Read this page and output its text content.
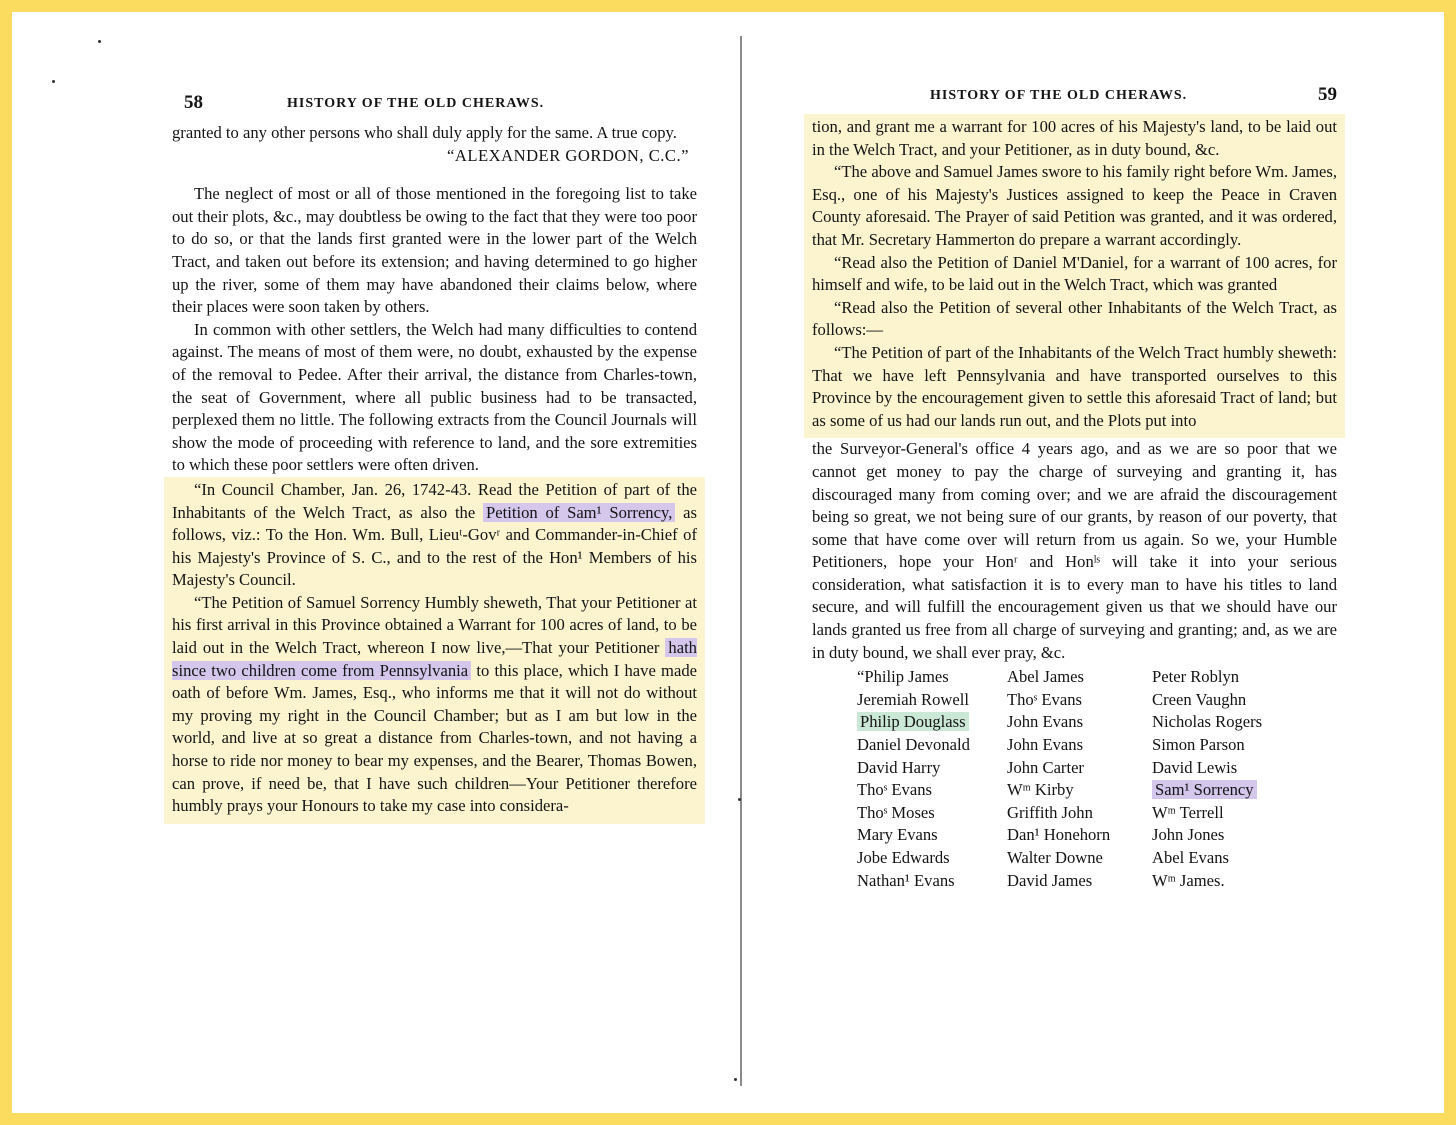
58	HISTORY OF THE OLD CHERAWS.

granted to any other persons who shall duly apply for the same. A true copy.

“ALEXANDER GORDON, C.C.”

The neglect of most or all of those mentioned in the foregoing list to take out their plots, &c., may doubtless be owing to the fact that they were too poor to do so, or that the lands first granted were in the lower part of the Welch Tract, and taken out before its extension; and having determined to go higher up the river, some of them may have abandoned their claims below, where their places were soon taken by others.

In common with other settlers, the Welch had many difficulties to contend against. The means of most of them were, no doubt, exhausted by the expense of the removal to Pedee. After their arrival, the distance from Charles-town, the seat of Government, where all public business had to be transacted, perplexed them no little. The following extracts from the Council Journals will show the mode of proceeding with reference to land, and the sore extremities to which these poor settlers were often driven.

“In Council Chamber, Jan. 26, 1742-43. Read the Petition of part of the Inhabitants of the Welch Tract, as also the Petition of Sam¹ Sorrency, as follows, viz.: To the Hon. Wm. Bull, Lieuᵗ-Govʳ and Commander-in-Chief of his Majesty's Province of S. C., and to the rest of the Hon¹ Members of his Majesty's Council.

“The Petition of Samuel Sorrency Humbly sheweth, That your Petitioner at his first arrival in this Province obtained a Warrant for 100 acres of land, to be laid out in the Welch Tract, whereon I now live,—That your Petitioner hath since two children come from Pennsylvania to this place, which I have made oath of before Wm. James, Esq., who informs me that it will not do without my proving my right in the Council Chamber; but as I am but low in the world, and live at so great a distance from Charles-town, and not having a horse to ride nor money to bear my expenses, and the Bearer, Thomas Bowen, can prove, if need be, that I have such children—Your Petitioner therefore humbly prays your Honours to take my case into considera-

HISTORY OF THE OLD CHERAWS.	59

tion, and grant me a warrant for 100 acres of his Majesty's land, to be laid out in the Welch Tract, and your Petitioner, as in duty bound, &c.

“The above and Samuel James swore to his family right before Wm. James, Esq., one of his Majesty's Justices assigned to keep the Peace in Craven County aforesaid. The Prayer of said Petition was granted, and it was ordered, that Mr. Secretary Hammerton do prepare a warrant accordingly.

“Read also the Petition of Daniel M'Daniel, for a warrant of 100 acres, for himself and wife, to be laid out in the Welch Tract, which was granted

“Read also the Petition of several other Inhabitants of the Welch Tract, as follows:—

“The Petition of part of the Inhabitants of the Welch Tract humbly sheweth: That we have left Pennsylvania and have transported ourselves to this Province by the encouragement given to settle this aforesaid Tract of land; but as some of us had our lands run out, and the Plots put into

the Surveyor-General's office 4 years ago, and as we are so poor that we cannot get money to pay the charge of surveying and granting it, has discouraged many from coming over; and we are afraid the discouragement being so great, we not being sure of our grants, by reason of our poverty, that some that have come over will return from us again. So we, your Humble Petitioners, hope your Honʳ and Honˡˢ will take it into your serious consideration, what satisfaction it is to every man to have his titles to land secure, and will fulfill the encouragement given us that we should have our lands granted us free from all charge of surveying and granting; and, as we are in duty bound, we shall ever pray, &c.

“Philip James	Abel James	Peter Roblyn
Jeremiah Rowell	Thoˢ Evans	Creen Vaughn
Philip Douglass	John Evans	Nicholas Rogers
Daniel Devonald	John Evans	Simon Parson
David Harry	John Carter	David Lewis
Thoˢ Evans	Wᵐ Kirby	Sam¹ Sorrency
Thoˢ Moses	Griffith John	Wᵐ Terrell
Mary Evans	Dan¹ Honehorn	John Jones
Jobe Edwards	Walter Downe	Abel Evans
Nathan¹ Evans	David James	Wᵐ James.
